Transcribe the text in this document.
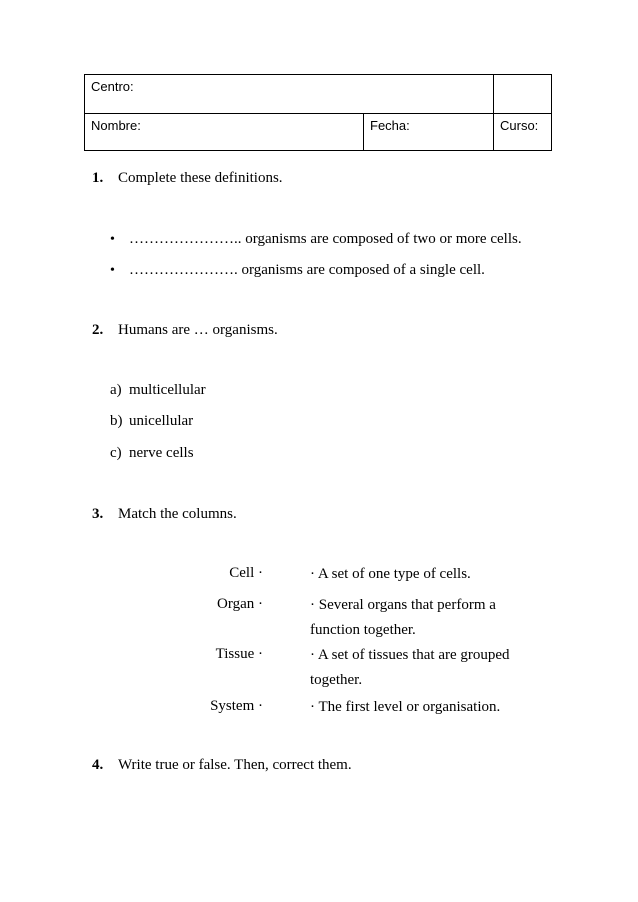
Centro:		
Nombre:	Fecha:	Curso:
1. Complete these definitions.
• ………………….. organisms are composed of two or more cells.
• …………………. organisms are composed of a single cell.
2. Humans are … organisms.
a) multicellular
b) unicellular
c) nerve cells
3. Match the columns.
Cell ·	· A set of one type of cells.
Organ ·	· Several organs that perform a function together.
Tissue ·	· A set of tissues that are grouped together.
System ·	· The first level or organisation.
4. Write true or false. Then, correct them.
